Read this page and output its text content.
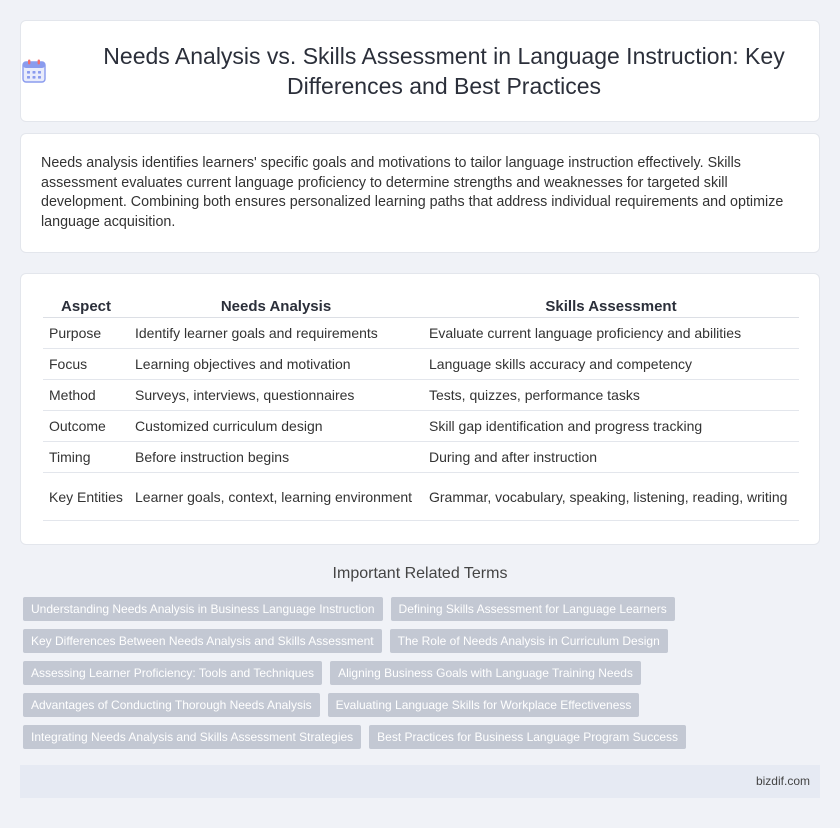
Needs Analysis vs. Skills Assessment in Language Instruction: Key Differences and Best Practices

Needs analysis identifies learners' specific goals and motivations to tailor language instruction effectively. Skills assessment evaluates current language proficiency to determine strengths and weaknesses for targeted skill development. Combining both ensures personalized learning paths that address individual requirements and optimize language acquisition.

Aspect	Needs Analysis	Skills Assessment
Purpose	Identify learner goals and requirements	Evaluate current language proficiency and abilities
Focus	Learning objectives and motivation	Language skills accuracy and competency
Method	Surveys, interviews, questionnaires	Tests, quizzes, performance tasks
Outcome	Customized curriculum design	Skill gap identification and progress tracking
Timing	Before instruction begins	During and after instruction
Key Entities	Learner goals, context, learning environment	Grammar, vocabulary, speaking, listening, reading, writing
Important Related Terms
Understanding Needs Analysis in Business Language Instruction	Defining Skills Assessment for Language Learners
Key Differences Between Needs Analysis and Skills Assessment	The Role of Needs Analysis in Curriculum Design
Assessing Learner Proficiency: Tools and Techniques	Aligning Business Goals with Language Training Needs
Advantages of Conducting Thorough Needs Analysis	Evaluating Language Skills for Workplace Effectiveness
Integrating Needs Analysis and Skills Assessment Strategies	Best Practices for Business Language Program Success
bizdif.com
